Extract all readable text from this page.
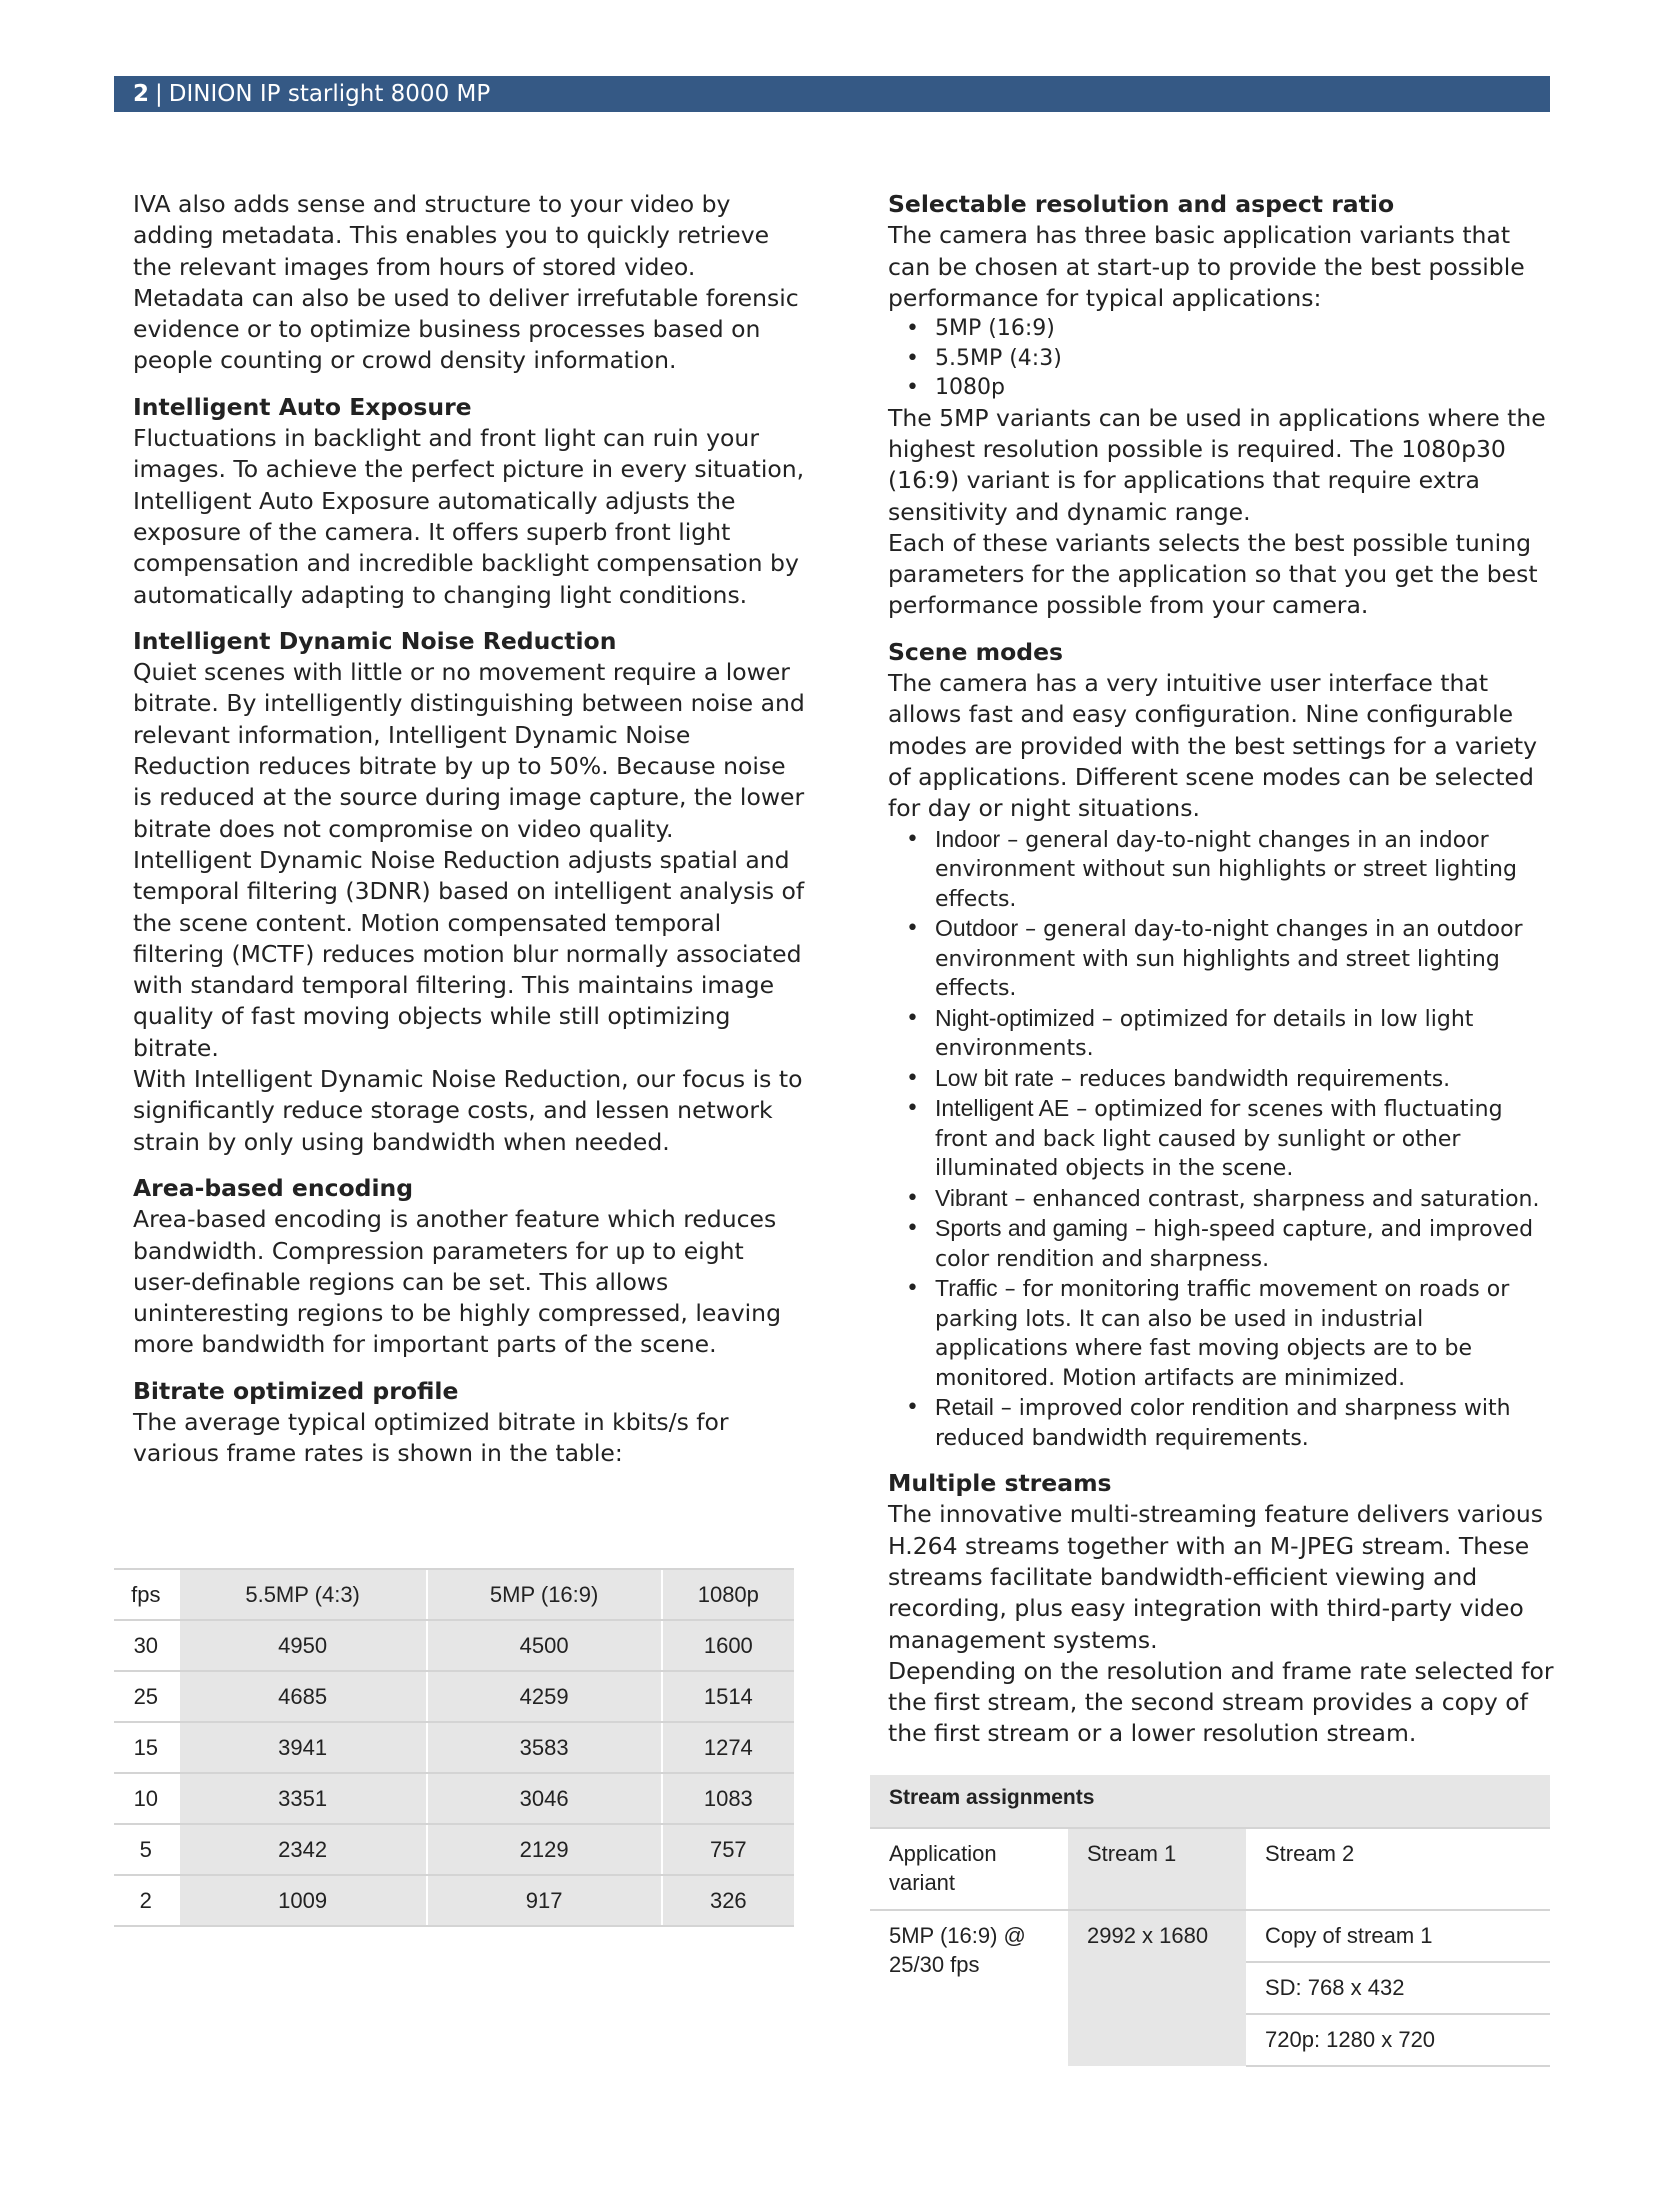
2 | DINION IP starlight 8000 MP

IVA also adds sense and structure to your video by adding metadata. This enables you to quickly retrieve the relevant images from hours of stored video. Metadata can also be used to deliver irrefutable forensic evidence or to optimize business processes based on people counting or crowd density information.

Intelligent Auto Exposure

Fluctuations in backlight and front light can ruin your images. To achieve the perfect picture in every situation, Intelligent Auto Exposure automatically adjusts the exposure of the camera. It offers superb front light compensation and incredible backlight compensation by automatically adapting to changing light conditions.

Intelligent Dynamic Noise Reduction

Quiet scenes with little or no movement require a lower bitrate. By intelligently distinguishing between noise and relevant information, Intelligent Dynamic Noise Reduction reduces bitrate by up to 50%. Because noise is reduced at the source during image capture, the lower bitrate does not compromise on video quality.

Intelligent Dynamic Noise Reduction adjusts spatial and temporal filtering (3DNR) based on intelligent analysis of the scene content. Motion compensated temporal filtering (MCTF) reduces motion blur normally associated with standard temporal filtering. This maintains image quality of fast moving objects while still optimizing bitrate.

With Intelligent Dynamic Noise Reduction, our focus is to significantly reduce storage costs, and lessen network strain by only using bandwidth when needed.

Area-based encoding

Area-based encoding is another feature which reduces bandwidth. Compression parameters for up to eight user-definable regions can be set. This allows uninteresting regions to be highly compressed, leaving more bandwidth for important parts of the scene.

Bitrate optimized profile

The average typical optimized bitrate in kbits/s for various frame rates is shown in the table:

fps	5.5MP (4:3)	5MP (16:9)	1080p
30	4950	4500	1600
25	4685	4259	1514
15	3941	3583	1274
10	3351	3046	1083
5	2342	2129	757
2	1009	917	326
Selectable resolution and aspect ratio

The camera has three basic application variants that can be chosen at start-up to provide the best possible performance for typical applications:

• 5MP (16:9)
• 5.5MP (4:3)
• 1080p

The 5MP variants can be used in applications where the highest resolution possible is required. The 1080p30 (16:9) variant is for applications that require extra sensitivity and dynamic range.

Each of these variants selects the best possible tuning parameters for the application so that you get the best performance possible from your camera.

Scene modes

The camera has a very intuitive user interface that allows fast and easy configuration. Nine configurable modes are provided with the best settings for a variety of applications. Different scene modes can be selected for day or night situations.

• Indoor – general day-to-night changes in an indoor environment without sun highlights or street lighting effects.
• Outdoor – general day-to-night changes in an outdoor environment with sun highlights and street lighting effects.
• Night-optimized – optimized for details in low light environments.
• Low bit rate – reduces bandwidth requirements.
• Intelligent AE – optimized for scenes with fluctuating front and back light caused by sunlight or other illuminated objects in the scene.
• Vibrant – enhanced contrast, sharpness and saturation.
• Sports and gaming – high-speed capture, and improved color rendition and sharpness.
• Traffic – for monitoring traffic movement on roads or parking lots. It can also be used in industrial applications where fast moving objects are to be monitored. Motion artifacts are minimized.
• Retail – improved color rendition and sharpness with reduced bandwidth requirements.
Multiple streams

The innovative multi-streaming feature delivers various H.264 streams together with an M-JPEG stream. These streams facilitate bandwidth-efficient viewing and recording, plus easy integration with third-party video management systems.

Depending on the resolution and frame rate selected for the first stream, the second stream provides a copy of the first stream or a lower resolution stream.

Stream assignments		
Application variant	Stream 1	Stream 2
5MP (16:9) @ 25/30 fps	2992 x 1680	Copy of stream 1
		SD: 768 x 432
		720p: 1280 x 720
